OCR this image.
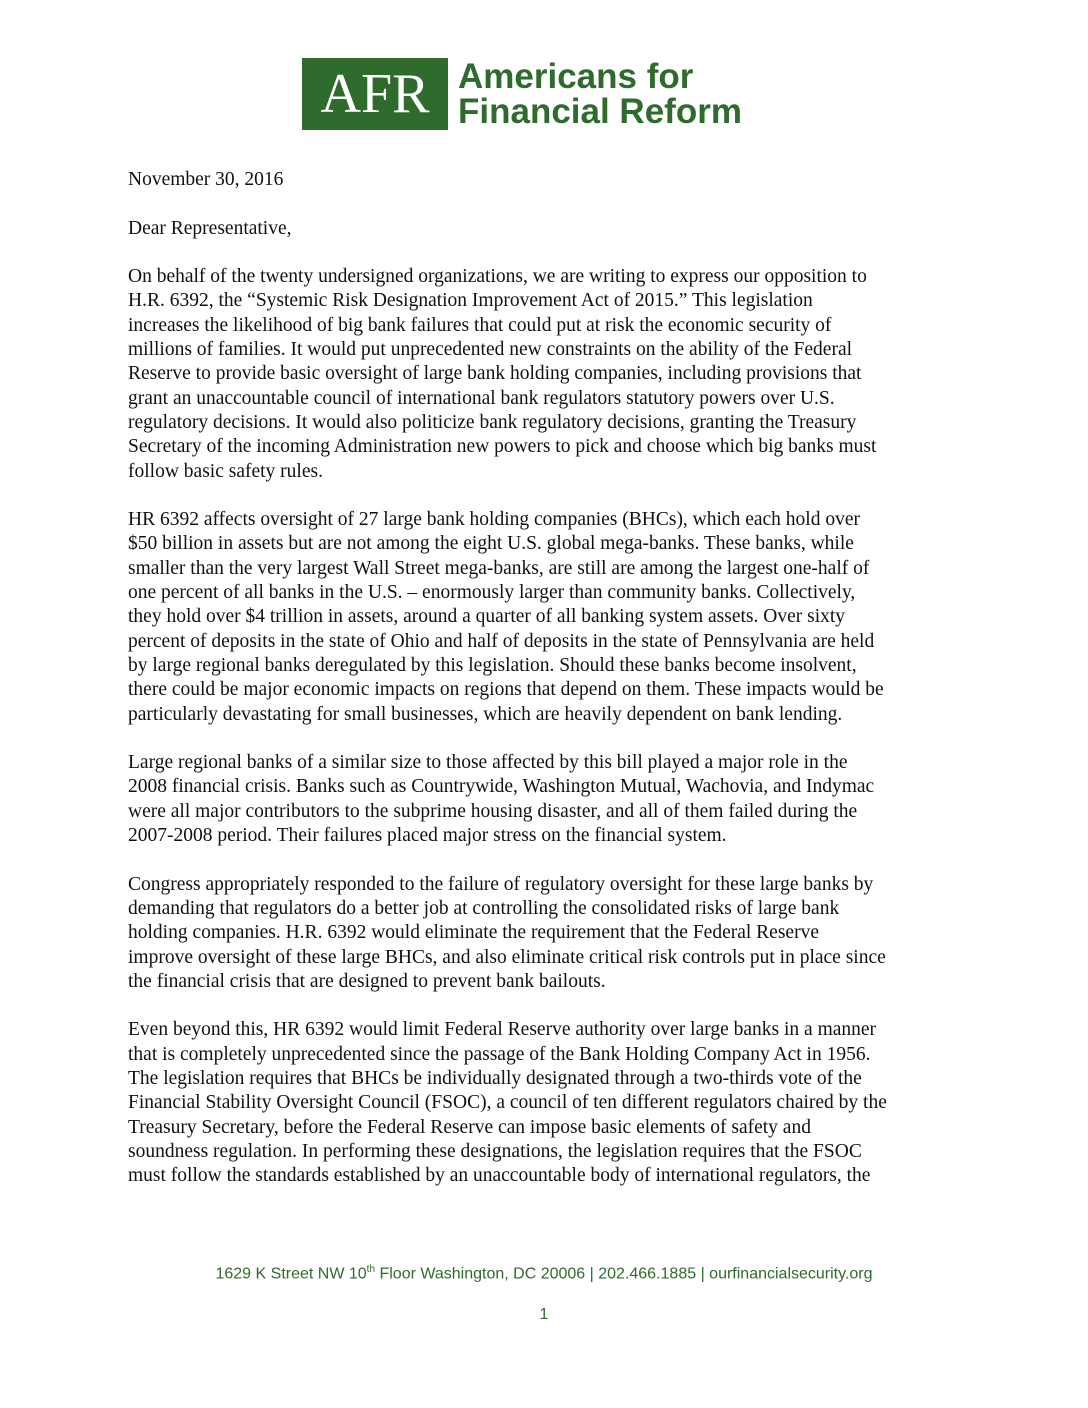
AFR Americans for
Financial Reform

November 30, 2016

Dear Representative,

On behalf of the twenty undersigned organizations, we are writing to express our opposition to
H.R. 6392, the “Systemic Risk Designation Improvement Act of 2015.” This legislation
increases the likelihood of big bank failures that could put at risk the economic security of
millions of families. It would put unprecedented new constraints on the ability of the Federal
Reserve to provide basic oversight of large bank holding companies, including provisions that
grant an unaccountable council of international bank regulators statutory powers over U.S.
regulatory decisions. It would also politicize bank regulatory decisions, granting the Treasury
Secretary of the incoming Administration new powers to pick and choose which big banks must
follow basic safety rules.

HR 6392 affects oversight of 27 large bank holding companies (BHCs), which each hold over
$50 billion in assets but are not among the eight U.S. global mega-banks. These banks, while
smaller than the very largest Wall Street mega-banks, are still are among the largest one-half of
one percent of all banks in the U.S. – enormously larger than community banks. Collectively,
they hold over $4 trillion in assets, around a quarter of all banking system assets. Over sixty
percent of deposits in the state of Ohio and half of deposits in the state of Pennsylvania are held
by large regional banks deregulated by this legislation. Should these banks become insolvent,
there could be major economic impacts on regions that depend on them. These impacts would be
particularly devastating for small businesses, which are heavily dependent on bank lending.

Large regional banks of a similar size to those affected by this bill played a major role in the
2008 financial crisis. Banks such as Countrywide, Washington Mutual, Wachovia, and Indymac
were all major contributors to the subprime housing disaster, and all of them failed during the
2007-2008 period. Their failures placed major stress on the financial system.

Congress appropriately responded to the failure of regulatory oversight for these large banks by
demanding that regulators do a better job at controlling the consolidated risks of large bank
holding companies. H.R. 6392 would eliminate the requirement that the Federal Reserve
improve oversight of these large BHCs, and also eliminate critical risk controls put in place since
the financial crisis that are designed to prevent bank bailouts.

Even beyond this, HR 6392 would limit Federal Reserve authority over large banks in a manner
that is completely unprecedented since the passage of the Bank Holding Company Act in 1956.
The legislation requires that BHCs be individually designated through a two-thirds vote of the
Financial Stability Oversight Council (FSOC), a council of ten different regulators chaired by the
Treasury Secretary, before the Federal Reserve can impose basic elements of safety and
soundness regulation. In performing these designations, the legislation requires that the FSOC
must follow the standards established by an unaccountable body of international regulators, the

1629 K Street NW 10th Floor Washington, DC 20006 | 202.466.1885 | ourfinancialsecurity.org
1
